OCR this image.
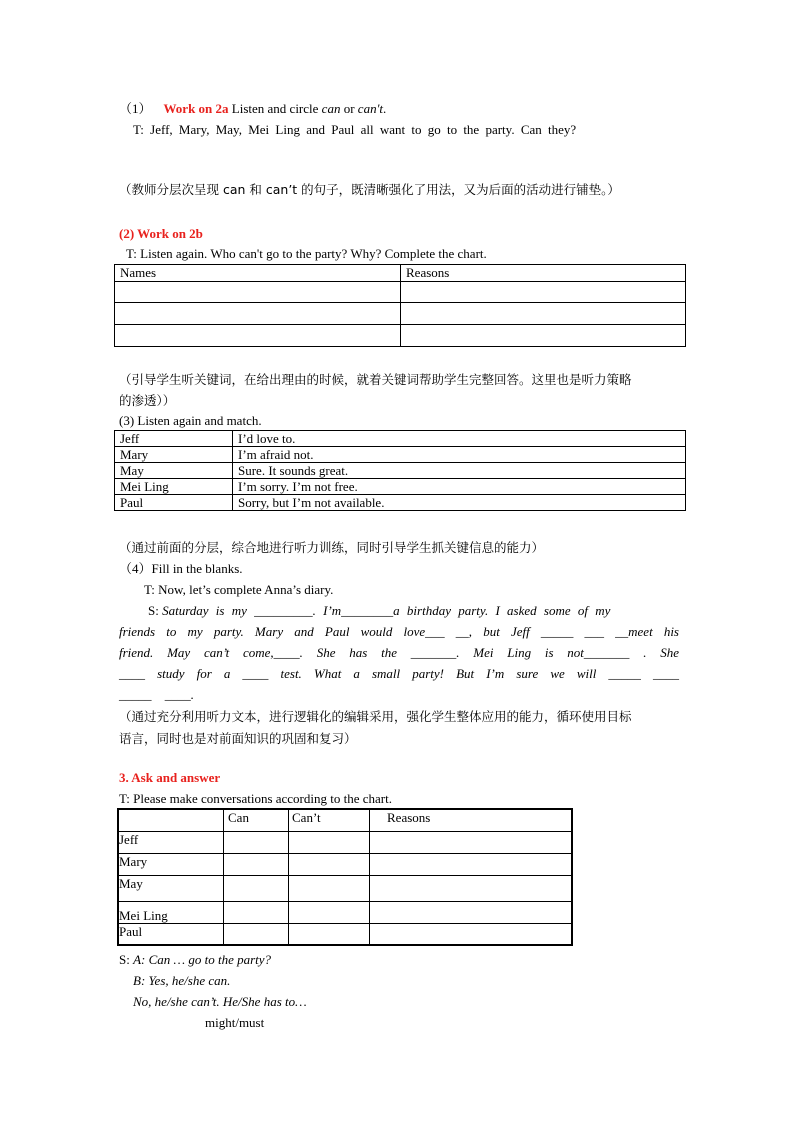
（1） Work on 2a Listen and circle can or can't.
T: Jeff, Mary, May, Mei Ling and Paul all want to go to the party. Can they?
（教师分层次呈现 can 和 can’t 的句子，既清晰强化了用法，又为后面的活动进行铺垫。）
(2) Work on 2b
T: Listen again. Who can't go to the party? Why? Complete the chart.
Names	Reasons

（引导学生听关键词，在给出理由的时候，就着关键词帮助学生完整回答。这里也是听力策略
的渗透））
(3) Listen again and match.
Jeff	I’d love to.
Mary	I’m afraid not.
May	Sure. It sounds great.
Mei Ling	I’m sorry. I’m not free.
Paul	Sorry, but I’m not available.
（通过前面的分层，综合地进行听力训练，同时引导学生抓关键信息的能力）
（4）Fill in the blanks.
T: Now, let’s complete Anna’s diary.
S: Saturday is my _________. I’m________a birthday party. I asked some of my
friends to my party. Mary and Paul would love___ __, but Jeff _____ ___ __meet his
friend. May can’t come,____. She has the _______. Mei Ling is not_______ . She
____ study for a ____ test. What a small party! But I’m sure we will _____ ____
_____ ____.
（通过充分利用听力文本，进行逻辑化的编辑采用，强化学生整体应用的能力，循环使用目标
语言，同时也是对前面知识的巩固和复习）
3. Ask and answer
T: Please make conversations according to the chart.
	Can	Can’t	Reasons
Jeff			
Mary			
May			
Mei Ling			
Paul			
S: A: Can … go to the party?
B: Yes, he/she can.
No, he/she can’t. He/She has to…
might/must
